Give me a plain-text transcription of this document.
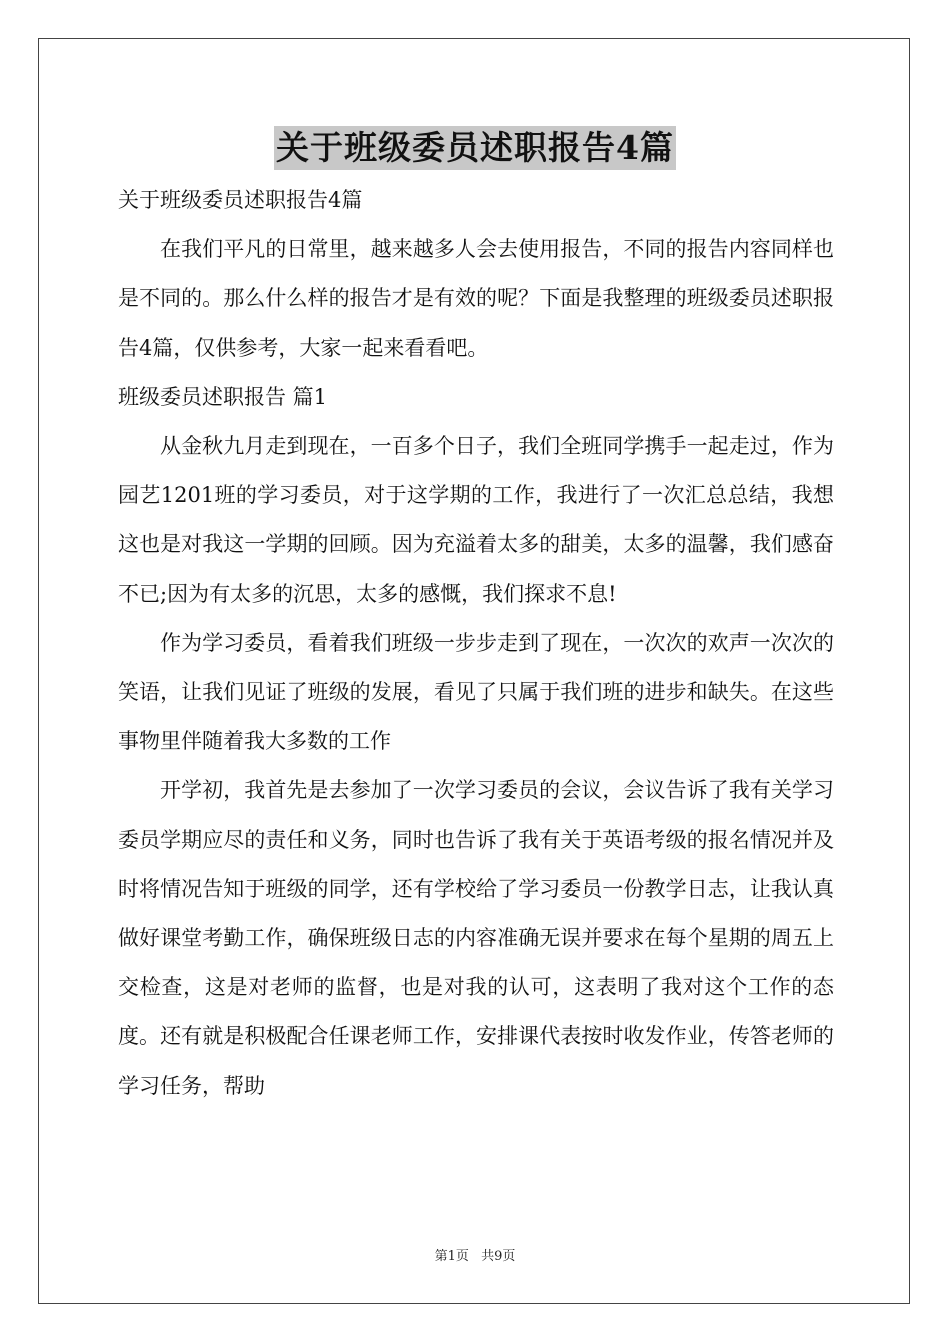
关于班级委员述职报告4篇

关于班级委员述职报告4篇

在我们平凡的日常里，越来越多人会去使用报告，不同的报告内容同样也是不同的。那么什么样的报告才是有效的呢？下面是我整理的班级委员述职报告4篇，仅供参考，大家一起来看看吧。

班级委员述职报告 篇1

从金秋九月走到现在，一百多个日子，我们全班同学携手一起走过，作为园艺1201班的学习委员，对于这学期的工作，我进行了一次汇总总结，我想这也是对我这一学期的回顾。因为充溢着太多的甜美，太多的温馨，我们感奋不已;因为有太多的沉思，太多的感慨，我们探求不息!

作为学习委员，看着我们班级一步步走到了现在，一次次的欢声一次次的笑语，让我们见证了班级的发展，看见了只属于我们班的进步和缺失。在这些事物里伴随着我大多数的工作

开学初，我首先是去参加了一次学习委员的会议，会议告诉了我有关学习委员学期应尽的责任和义务，同时也告诉了我有关于英语考级的报名情况并及时将情况告知于班级的同学，还有学校给了学习委员一份教学日志，让我认真做好课堂考勤工作，确保班级日志的内容准确无误并要求在每个星期的周五上交检查，这是对老师的监督，也是对我的认可，这表明了我对这个工作的态度。还有就是积极配合任课老师工作，安排课代表按时收发作业，传答老师的学习任务，帮助

第1页 共9页
